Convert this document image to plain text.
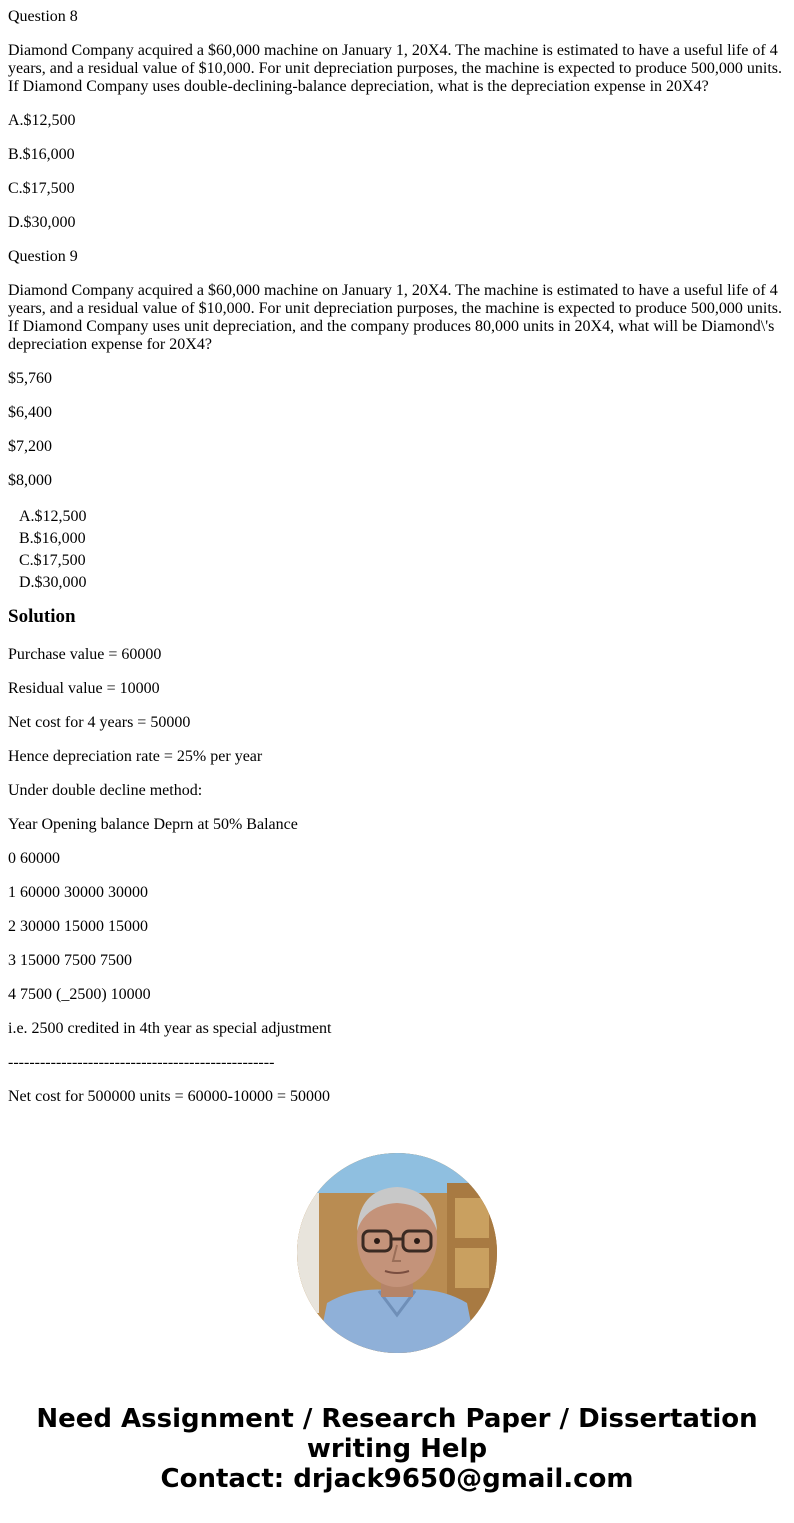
Question 8

Diamond Company acquired a $60,000 machine on January 1, 20X4. The machine is estimated to have a useful life of 4 years, and a residual value of $10,000. For unit depreciation purposes, the machine is expected to produce 500,000 units. If Diamond Company uses double-declining-balance depreciation, what is the depreciation expense in 20X4?

A.$12,500

B.$16,000

C.$17,500

D.$30,000

Question 9

Diamond Company acquired a $60,000 machine on January 1, 20X4. The machine is estimated to have a useful life of 4 years, and a residual value of $10,000. For unit depreciation purposes, the machine is expected to produce 500,000 units. If Diamond Company uses unit depreciation, and the company produces 80,000 units in 20X4, what will be Diamond\'s depreciation expense for 20X4?

$5,760

$6,400

$7,200

$8,000

A.$12,500
B.$16,000
C.$17,500
D.$30,000
Solution

Purchase value = 60000

Residual value = 10000

Net cost for 4 years = 50000

Hence depreciation rate = 25% per year

Under double decline method:

Year Opening balance Deprn at 50% Balance

0 60000

1 60000 30000 30000

2 30000 15000 15000

3 15000 7500 7500

4 7500 (_2500) 10000

i.e. 2500 credited in 4th year as special adjustment

--------------------------------------------------

Net cost for 500000 units = 60000-10000 = 50000

Need Assignment / Research Paper / Dissertation
writing Help
Contact: drjack9650@gmail.com
